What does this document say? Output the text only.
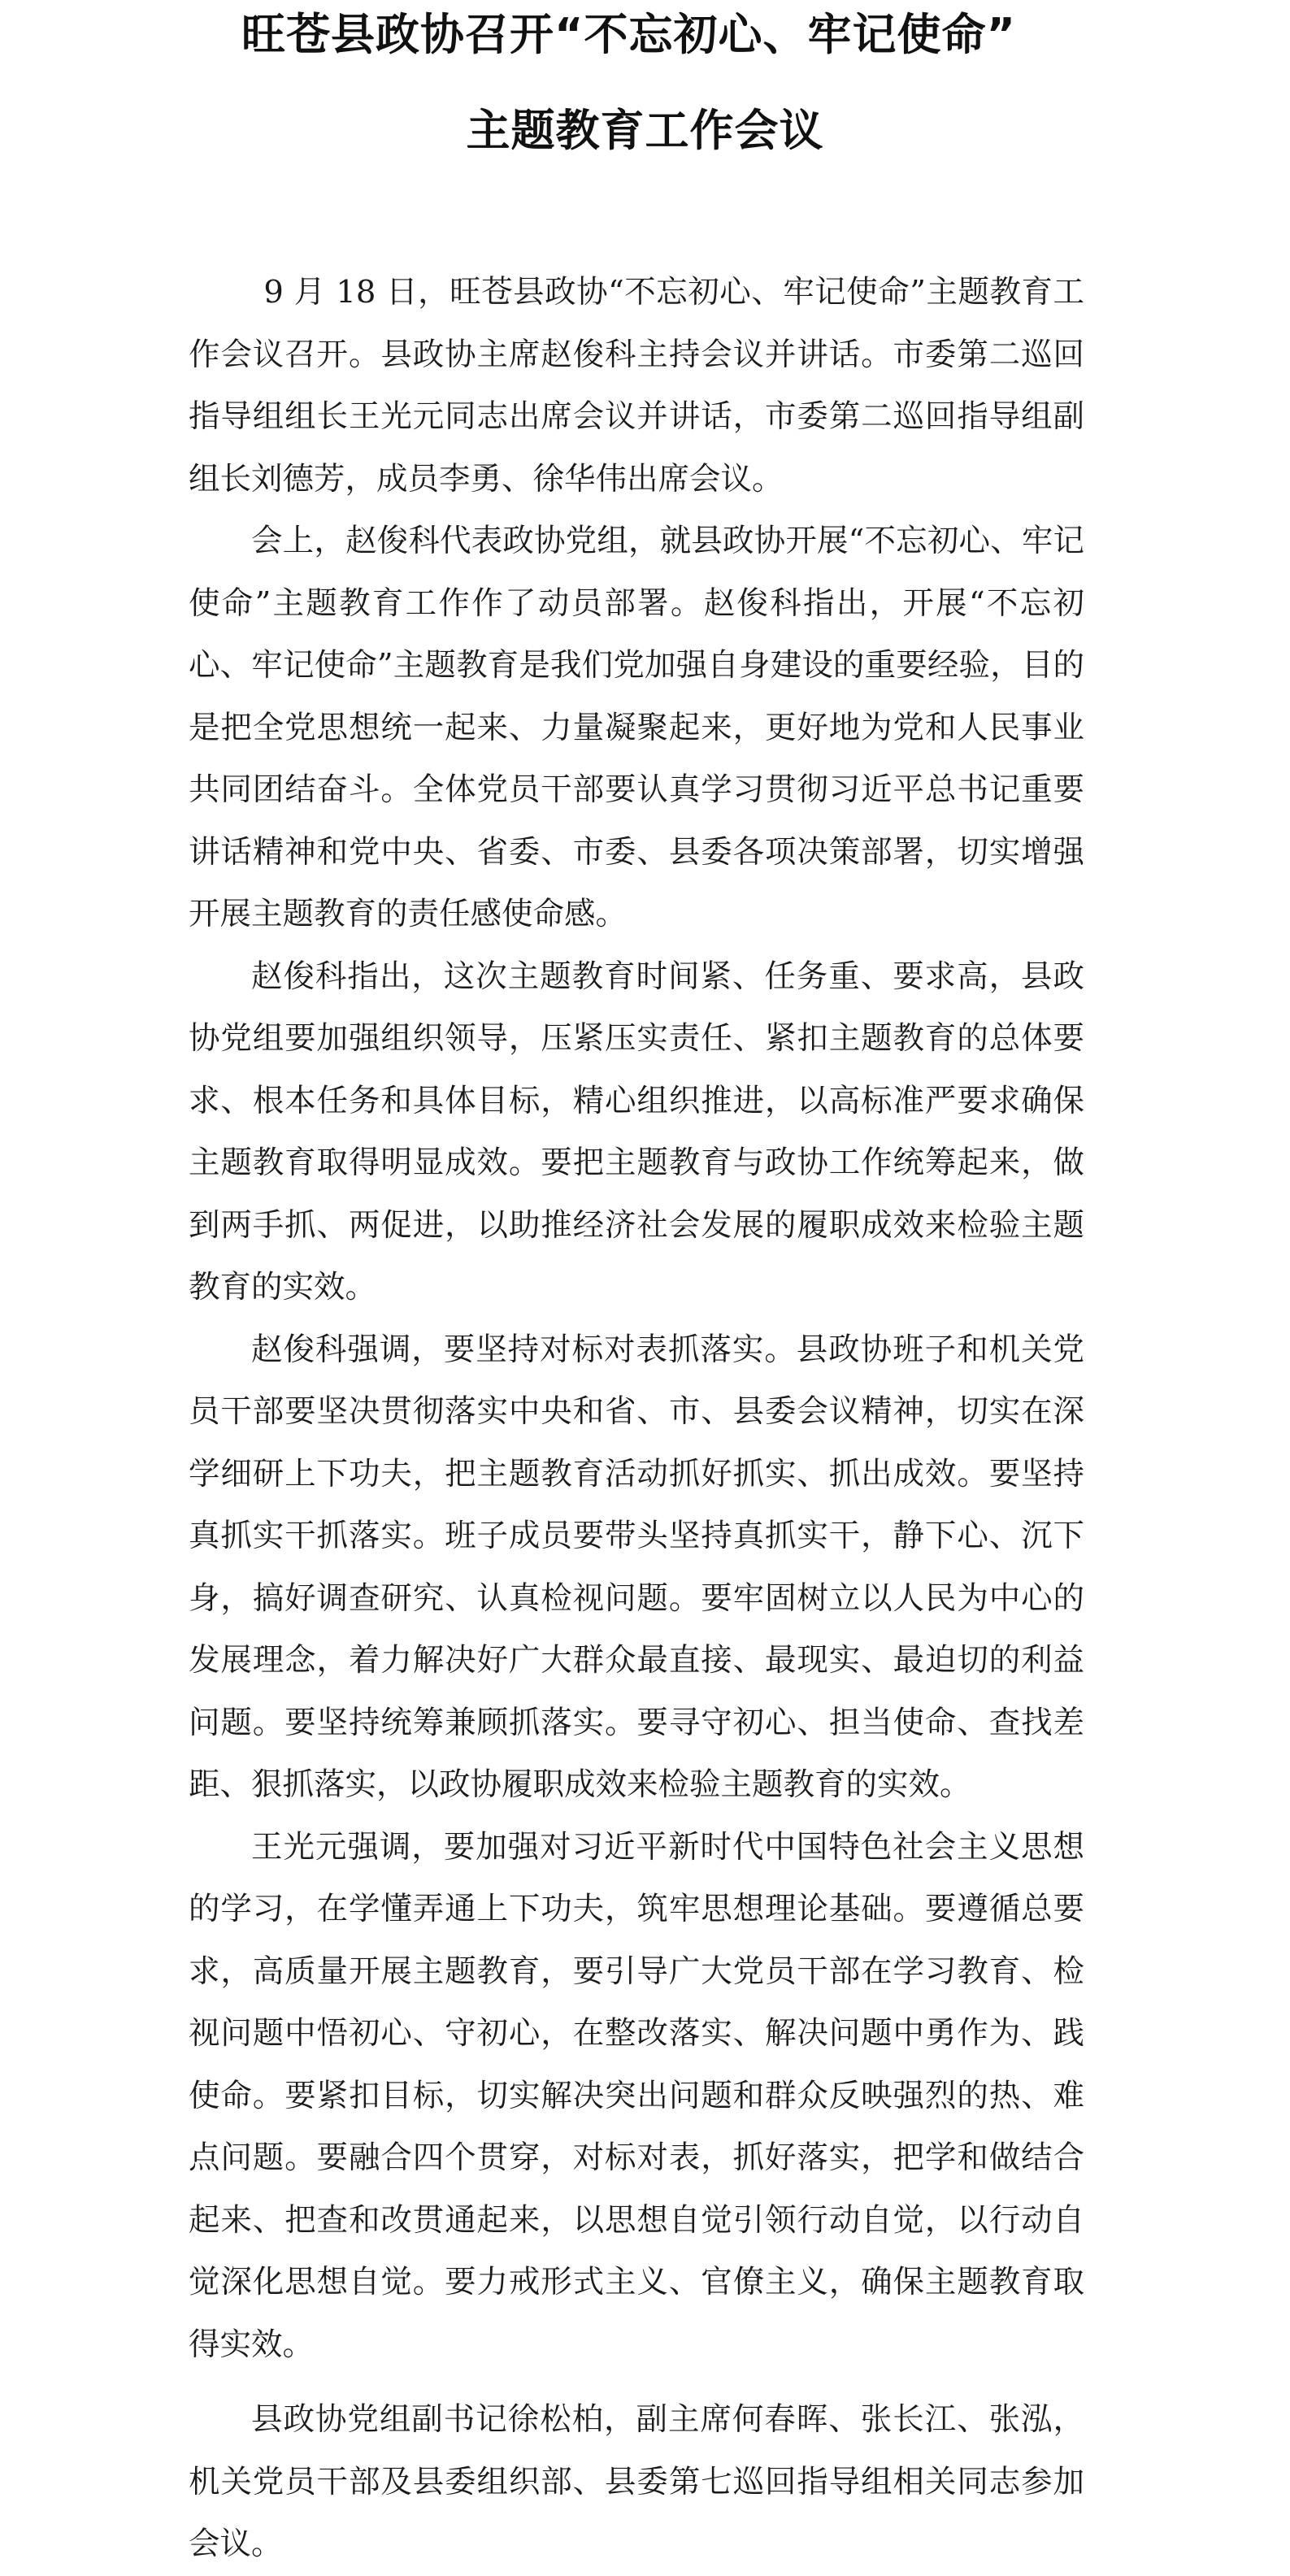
旺苍县政协召开“不忘初心、牢记使命”
主题教育工作会议

9 月 18 日，旺苍县政协“不忘初心、牢记使命”主题教育工作会议召开。县政协主席赵俊科主持会议并讲话。市委第二巡回指导组组长王光元同志出席会议并讲话，市委第二巡回指导组副组长刘德芳，成员李勇、徐华伟出席会议。

会上，赵俊科代表政协党组，就县政协开展“不忘初心、牢记使命”主题教育工作作了动员部署。赵俊科指出，开展“不忘初心、牢记使命”主题教育是我们党加强自身建设的重要经验，目的是把全党思想统一起来、力量凝聚起来，更好地为党和人民事业共同团结奋斗。全体党员干部要认真学习贯彻习近平总书记重要讲话精神和党中央、省委、市委、县委各项决策部署，切实增强开展主题教育的责任感使命感。

赵俊科指出，这次主题教育时间紧、任务重、要求高，县政协党组要加强组织领导，压紧压实责任、紧扣主题教育的总体要求、根本任务和具体目标，精心组织推进，以高标准严要求确保主题教育取得明显成效。要把主题教育与政协工作统筹起来，做到两手抓、两促进，以助推经济社会发展的履职成效来检验主题教育的实效。

赵俊科强调，要坚持对标对表抓落实。县政协班子和机关党员干部要坚决贯彻落实中央和省、市、县委会议精神，切实在深学细研上下功夫，把主题教育活动抓好抓实、抓出成效。要坚持真抓实干抓落实。班子成员要带头坚持真抓实干，静下心、沉下身，搞好调查研究、认真检视问题。要牢固树立以人民为中心的发展理念，着力解决好广大群众最直接、最现实、最迫切的利益问题。要坚持统筹兼顾抓落实。要寻守初心、担当使命、查找差距、狠抓落实，以政协履职成效来检验主题教育的实效。

王光元强调，要加强对习近平新时代中国特色社会主义思想的学习，在学懂弄通上下功夫，筑牢思想理论基础。要遵循总要求，高质量开展主题教育，要引导广大党员干部在学习教育、检视问题中悟初心、守初心，在整改落实、解决问题中勇作为、践使命。要紧扣目标，切实解决突出问题和群众反映强烈的热、难点问题。要融合四个贯穿，对标对表，抓好落实，把学和做结合起来、把查和改贯通起来，以思想自觉引领行动自觉，以行动自觉深化思想自觉。要力戒形式主义、官僚主义，确保主题教育取得实效。

县政协党组副书记徐松柏，副主席何春晖、张长江、张泓，机关党员干部及县委组织部、县委第七巡回指导组相关同志参加会议。
